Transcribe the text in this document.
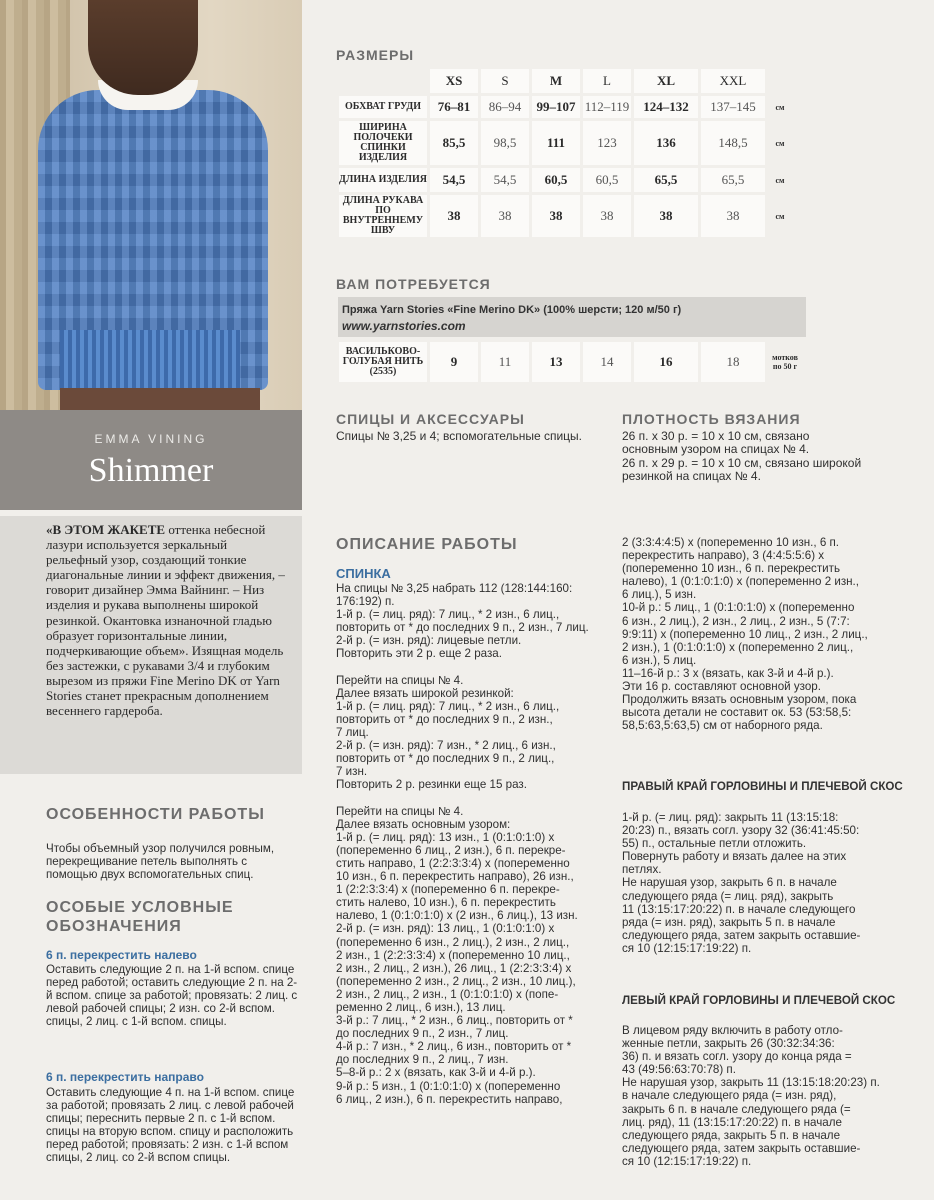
EMMA VINING
Shimmer
«В ЭТОМ ЖАКЕТЕ оттенка небесной лазури используется зеркальный рельефный узор, создающий тонкие диагональные линии и эффект движения, – говорит дизайнер Эмма Вайнинг. – Низ изделия и рукава выполнены широкой резинкой. Окантовка изнаночной гладью образует горизонтальные линии, подчеркивающие объем». Изящная модель без застежки, с рукавами 3/4 и глубоким вырезом из пряжи Fine Merino DK от Yarn Stories станет прекрасным дополнением весеннего гардероба.
РАЗМЕРЫ
	XS	S	M	L	XL	XXL	
ОБХВАТ ГРУДИ	76–81	86–94	99–107	112–119	124–132	137–145	см
ШИРИНА ПОЛОЧЕКИ СПИНКИ ИЗДЕЛИЯ	85,5	98,5	111	123	136	148,5	см
ДЛИНА ИЗДЕЛИЯ	54,5	54,5	60,5	60,5	65,5	65,5	см
ДЛИНА РУКАВА ПО ВНУТРЕННЕМУ ШВУ	38	38	38	38	38	38	см
ВАМ ПОТРЕБУЕТСЯ
Пряжа Yarn Stories «Fine Merino DK» (100% шерсти; 120 м/50 г)
www.yarnstories.com
ВАСИЛЬКОВО-ГОЛУБАЯ НИТЬ (2535)	9	11	13	14	16	18	мотков по 50 г
СПИЦЫ И АКСЕССУАРЫ
Спицы № 3,25 и 4; вспомогательные спицы.
ПЛОТНОСТЬ ВЯЗАНИЯ
26 п. х 30 р. = 10 х 10 см, связано основным узором на спицах № 4.
26 п. х 29 р. = 10 х 10 см, связано широкой резинкой на спицах № 4.
ОСОБЕННОСТИ РАБОТЫ
Чтобы объемный узор получился ровным, перекрещивание петель выполнять с помощью двух вспомогательных спиц.
ОСОБЫЕ УСЛОВНЫЕ ОБОЗНАЧЕНИЯ
6 п. перекрестить налево
Оставить следующие 2 п. на 1-й вспом. спице перед работой; оставить следующие 2 п. на 2-й вспом. спице за работой; провязать: 2 лиц. с левой рабочей спицы; 2 изн. со 2-й вспом. спицы, 2 лиц. с 1-й вспом. спицы.
6 п. перекрестить направо
Оставить следующие 4 п. на 1-й вспом. спице за работой; провязать 2 лиц. с левой рабочей спицы; переснить первые 2 п. с 1-й вспом. спицы на вторую вспом. спицу и расположить перед работой; провязать: 2 изн. с 1-й вспом спицы, 2 лиц. со 2-й вспом спицы.
ОПИСАНИЕ РАБОТЫ
СПИНКА
На спицы № 3,25 набрать 112 (128:144:160:
176:192) п.
1-й р. (= лиц. ряд): 7 лиц., * 2 изн., 6 лиц.,
повторить от * до последних 9 п., 2 изн., 7 лиц.
2-й р. (= изн. ряд): лицевые петли.
Повторить эти 2 р. еще 2 раза.

Перейти на спицы № 4.
Далее вязать широкой резинкой:
1-й р. (= лиц. ряд): 7 лиц., * 2 изн., 6 лиц.,
повторить от * до последних 9 п., 2 изн.,
7 лиц.
2-й р. (= изн. ряд): 7 изн., * 2 лиц., 6 изн.,
повторить от * до последних 9 п., 2 лиц.,
7 изн.
Повторить 2 р. резинки еще 15 раз.

Перейти на спицы № 4.
Далее вязать основным узором:
1-й р. (= лиц. ряд): 13 изн., 1 (0:1:0:1:0) х
(попеременно 6 лиц., 2 изн.), 6 п. перекре-
стить направо, 1 (2:2:3:3:4) х (попеременно
10 изн., 6 п. перекрестить направо), 26 изн.,
1 (2:2:3:3:4) х (попеременно 6 п. перекре-
стить налево, 10 изн.), 6 п. перекрестить
налево, 1 (0:1:0:1:0) х (2 изн., 6 лиц.), 13 изн.
2-й р. (= изн. ряд): 13 лиц., 1 (0:1:0:1:0) х
(попеременно 6 изн., 2 лиц.), 2 изн., 2 лиц.,
2 изн., 1 (2:2:3:3:4) х (попеременно 10 лиц.,
2 изн., 2 лиц., 2 изн.), 26 лиц., 1 (2:2:3:3:4) х
(попеременно 2 изн., 2 лиц., 2 изн., 10 лиц.),
2 изн., 2 лиц., 2 изн., 1 (0:1:0:1:0) х (попе-
ременно 2 лиц., 6 изн.), 13 лиц.
3-й р.: 7 лиц., * 2 изн., 6 лиц., повторить от *
до последних 9 п., 2 изн., 7 лиц.
4-й р.: 7 изн., * 2 лиц., 6 изн., повторить от *
до последних 9 п., 2 лиц., 7 изн.
5–8-й р.: 2 х (вязать, как 3-й и 4-й р.).
9-й р.: 5 изн., 1 (0:1:0:1:0) х (попеременно
6 лиц., 2 изн.), 6 п. перекрестить направо,
2 (3:3:4:4:5) х (попеременно 10 изн., 6 п.
перекрестить направо), 3 (4:4:5:5:6) х
(попеременно 10 изн., 6 п. перекрестить
налево), 1 (0:1:0:1:0) х (попеременно 2 изн.,
6 лиц.), 5 изн.
10-й р.: 5 лиц., 1 (0:1:0:1:0) х (попеременно
6 изн., 2 лиц.), 2 изн., 2 лиц., 2 изн., 5 (7:7:
9:9:11) х (попеременно 10 лиц., 2 изн., 2 лиц.,
2 изн.), 1 (0:1:0:1:0) х (попеременно 2 лиц.,
6 изн.), 5 лиц.
11–16-й р.: 3 х (вязать, как 3-й и 4-й р.).
Эти 16 р. составляют основной узор.
Продолжить вязать основным узором, пока
высота детали не составит ок. 53 (53:58,5:
58,5:63,5:63,5) см от наборного ряда.
ПРАВЫЙ КРАЙ ГОРЛОВИНЫ И ПЛЕЧЕВОЙ СКОС
1-й р. (= лиц. ряд): закрыть 11 (13:15:18:
20:23) п., вязать согл. узору 32 (36:41:45:50:
55) п., остальные петли отложить.
Повернуть работу и вязать далее на этих
петлях.
Не нарушая узор, закрыть 6 п. в начале
следующего ряда (= лиц. ряд), закрыть
11 (13:15:17:20:22) п. в начале следующего
ряда (= изн. ряд), закрыть 5 п. в начале
следующего ряда, затем закрыть оставшие-
ся 10 (12:15:17:19:22) п.
ЛЕВЫЙ КРАЙ ГОРЛОВИНЫ И ПЛЕЧЕВОЙ СКОС
В лицевом ряду включить в работу отло-
женные петли, закрыть 26 (30:32:34:36:
36) п. и вязать согл. узору до конца ряда =
43 (49:56:63:70:78) п.
Не нарушая узор, закрыть 11 (13:15:18:20:23) п.
в начале следующего ряда (= изн. ряд),
закрыть 6 п. в начале следующего ряда (=
лиц. ряд), 11 (13:15:17:20:22) п. в начале
следующего ряда, закрыть 5 п. в начале
следующего ряда, затем закрыть оставшие-
ся 10 (12:15:17:19:22) п.
